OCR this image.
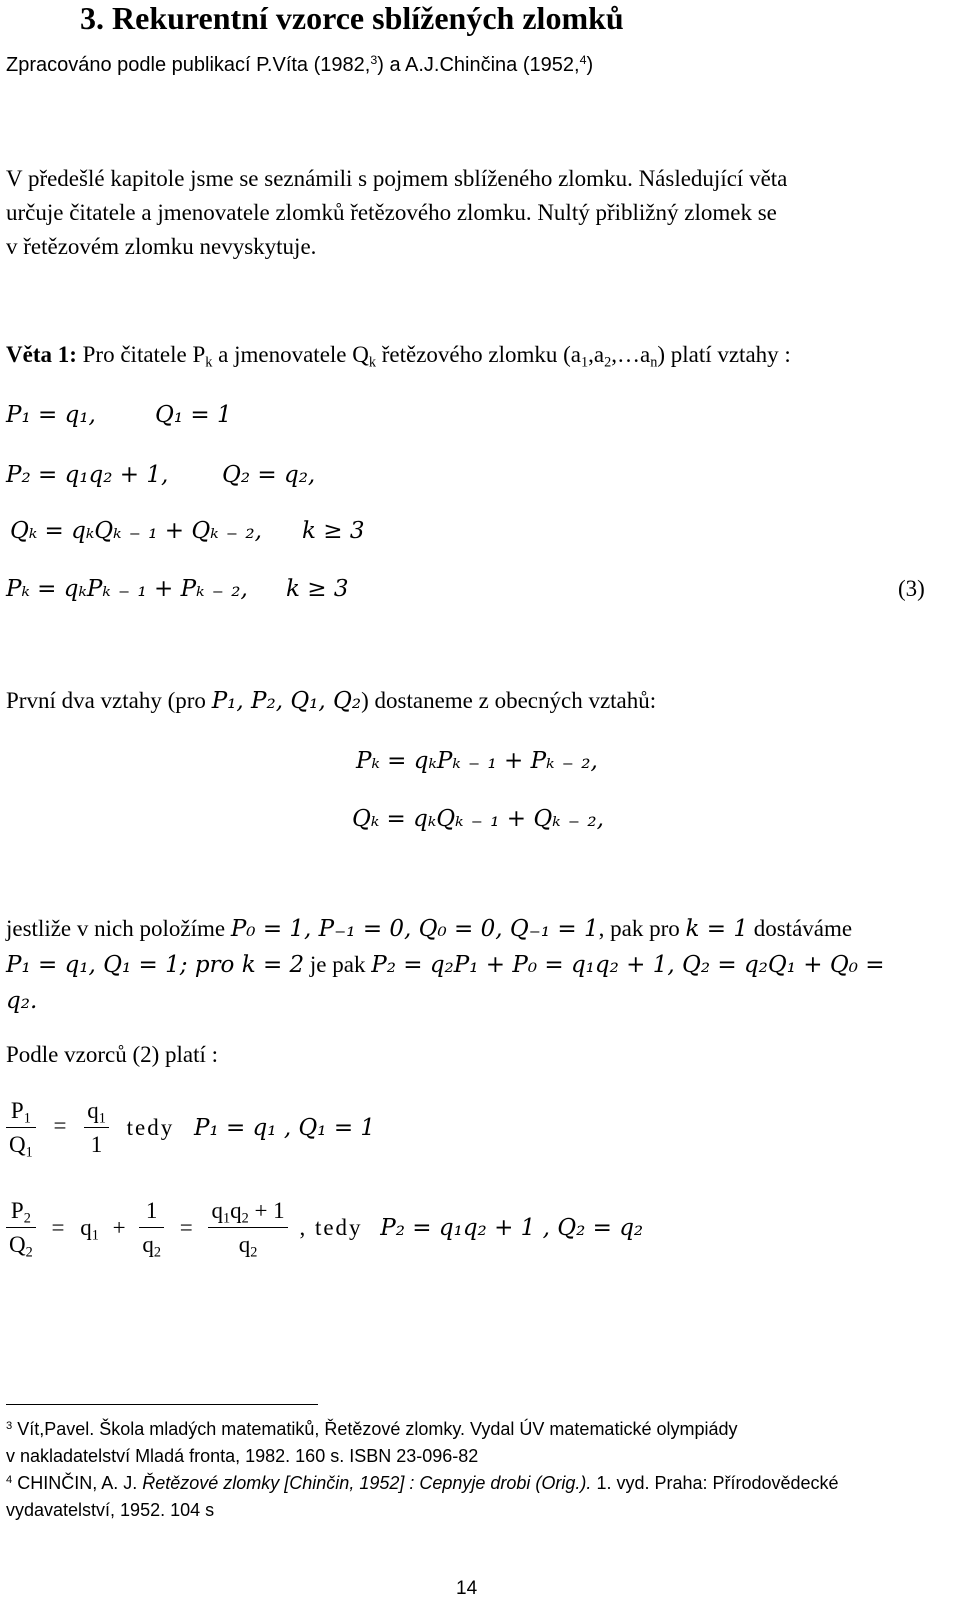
3. Rekurentní vzorce sblížených zlomků
Zpracováno podle publikací P.Víta (1982,$^3$) a A.J.Chinčina (1952,$^4$)
V předešlé kapitole jsme se seznámili s pojmem sblíženého zlomku. Následující věta
určuje čitatele a jmenovatele zlomků řetězového zlomku. Nultý přibližný zlomek se
v řetězovém zlomku nevyskytuje.
Věta 1: Pro čitatele $P_k$ a jmenovatele $Q_k$ řetězového zlomku $(a_1,a_2,\dots a_n)$ platí vztahy :
P₁ = q₁,	Q₁ = 1
P₂ = q₁q₂ + 1, Q₂ = q₂,
Qₖ = qₖQₖ ₋ ₁ + Qₖ ₋ ₂, k ≥ 3
Pₖ = qₖPₖ ₋ ₁ + Pₖ ₋ ₂, k ≥ 3	(3)
První dva vztahy (pro P₁, P₂, Q₁, Q₂) dostaneme z obecných vztahů:
Pₖ = qₖPₖ ₋ ₁ + Pₖ ₋ ₂,
Qₖ = qₖQₖ ₋ ₁ + Qₖ ₋ ₂,
jestliže v nich položíme P₀ = 1, P₋₁ = 0, Q₀ = 0, Q₋₁ = 1, pak pro k = 1 dostáváme
P₁ = q₁, Q₁ = 1; pro k = 2 je pak P₂ = q₂P₁ + P₀ = q₁q₂ + 1, Q₂ = q₂Q₁ + Q₀ =
q₂.
Podle vzorců (2) platí :
$\frac{P_1}{Q_1} = \frac{q_1}{1}$ tedy P₁ = q₁ , Q₁ = 1
$\frac{P_2}{Q_2} = q_1 + \frac{1}{q_2} = \frac{q_1q_2 + 1}{q_2}$ , tedy P₂ = q₁q₂ + 1 , Q₂ = q₂
$^3$ Vít,Pavel. Škola mladých matematiků, Řetězové zlomky. Vydal ÚV matematické olympiády
v nakladatelství Mladá fronta, 1982. 160 s. ISBN 23-096-82
$^4$ CHINČIN, A. J. Řetězové zlomky [Chinčin, 1952] : Cepnyje drobi (Orig.). 1. vyd. Praha: Přírodovědecké
vydavatelství, 1952. 104 s
14
